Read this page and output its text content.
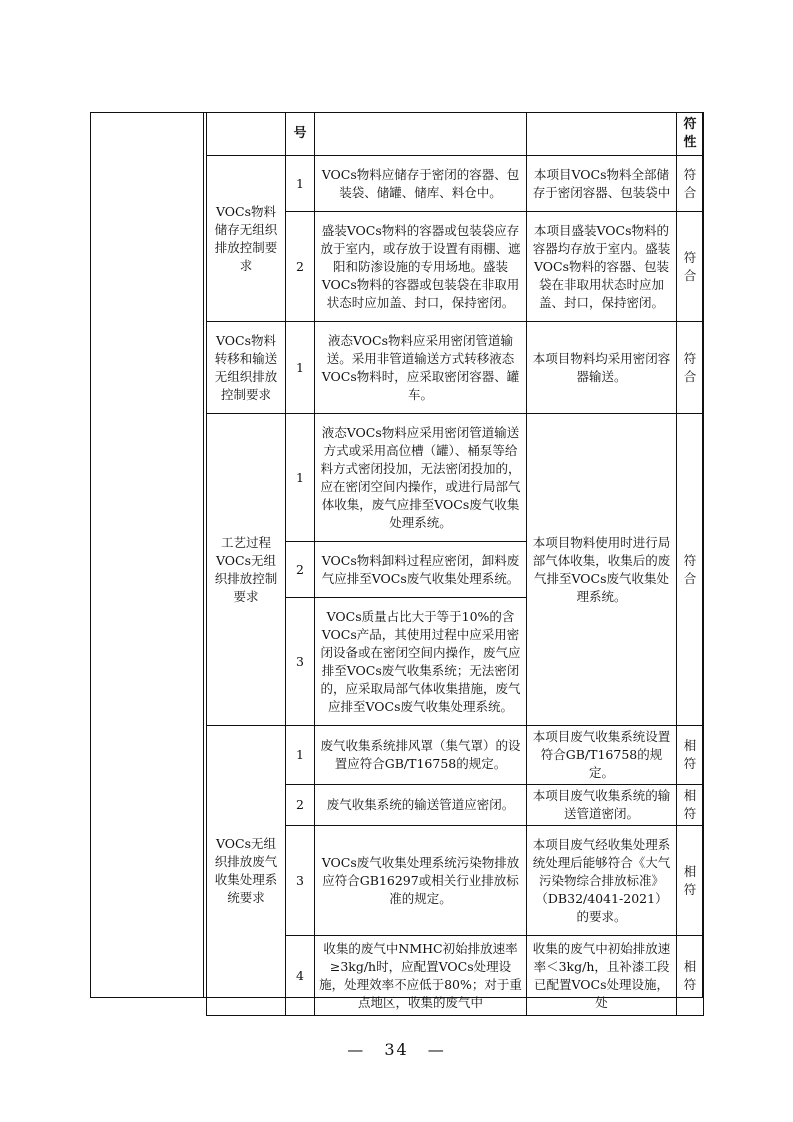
	号			符性
VOCs物料储存无组织排放控制要求	1	VOCs物料应储存于密闭的容器、包装袋、储罐、储库、料仓中。	本项目VOCs物料全部储存于密闭容器、包装袋中	符合
	2	盛装VOCs物料的容器或包装袋应存放于室内，或存放于设置有雨棚、遮阳和防渗设施的专用场地。盛装VOCs物料的容器或包装袋在非取用状态时应加盖、封口，保持密闭。	本项目盛装VOCs物料的容器均存放于室内。盛装VOCs物料的容器、包装袋在非取用状态时应加盖、封口，保持密闭。	符合
VOCs物料转移和输送无组织排放控制要求	1	液态VOCs物料应采用密闭管道输送。采用非管道输送方式转移液态VOCs物料时，应采取密闭容器、罐车。	本项目物料均采用密闭容器输送。	符合
工艺过程VOCs无组织排放控制要求	1	液态VOCs物料应采用密闭管道输送方式或采用高位槽（罐）、桶泵等给料方式密闭投加，无法密闭投加的，应在密闭空间内操作，或进行局部气体收集，废气应排至VOCs废气收集处理系统。	本项目物料使用时进行局部气体收集，收集后的废气排至VOCs废气收集处理系统。	符合
	2	VOCs物料卸料过程应密闭，卸料废气应排至VOCs废气收集处理系统。		
	3	VOCs质量占比大于等于10%的含VOCs产品，其使用过程中应采用密闭设备或在密闭空间内操作，废气应排至VOCs废气收集系统；无法密闭的，应采取局部气体收集措施，废气应排至VOCs废气收集处理系统。		
VOCs无组织排放废气收集处理系统要求	1	废气收集系统排风罩（集气罩）的设置应符合GB/T16758的规定。	本项目废气收集系统设置符合GB/T16758的规定。	相符
	2	废气收集系统的输送管道应密闭。	本项目废气收集系统的输送管道密闭。	相符
	3	VOCs废气收集处理系统污染物排放应符合GB16297或相关行业排放标准的规定。	本项目废气经收集处理系统处理后能够符合《大气污染物综合排放标准》（DB32/4041-2021）的要求。	相符
	4	收集的废气中NMHC初始排放速率≥3kg/h时，应配置VOCs处理设施，处理效率不应低于80%；对于重点地区，收集的废气中	收集的废气中初始排放速率＜3kg/h，且补漆工段已配置VOCs处理设施，处	相符
— 34 —
